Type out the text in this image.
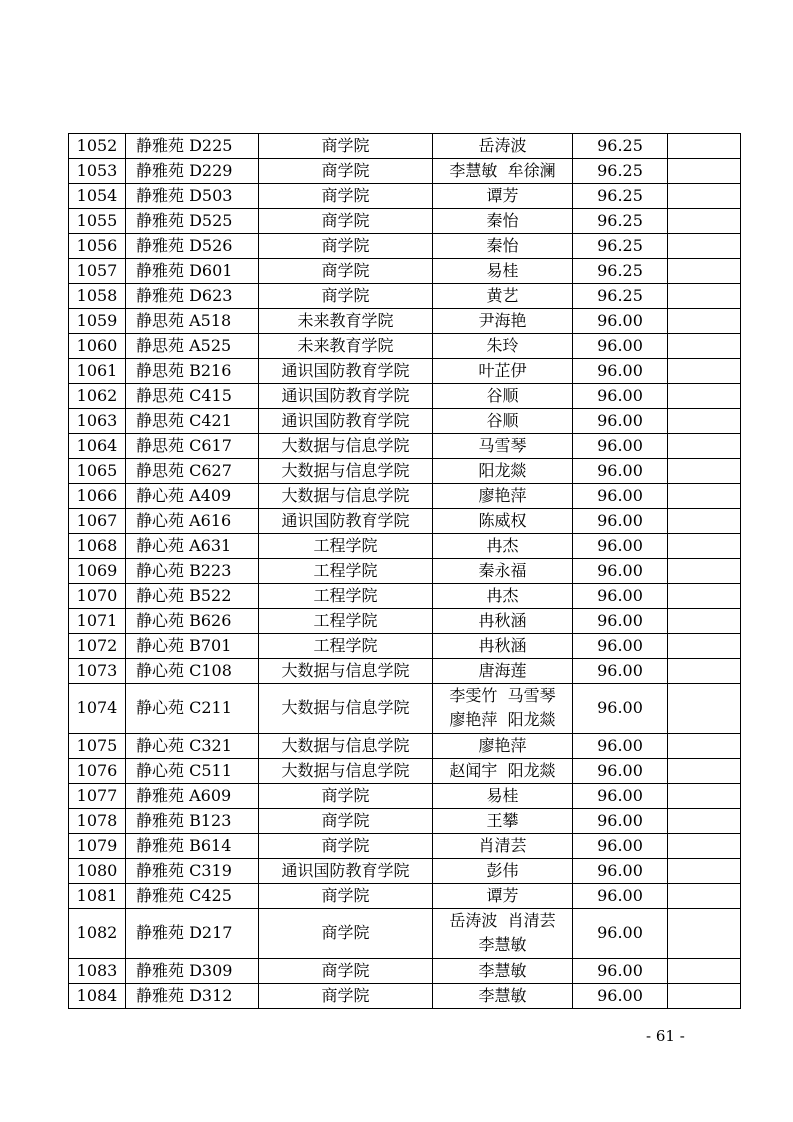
1052	静雅苑 D225	商学院	岳涛波	96.25	
1053	静雅苑 D229	商学院	李慧敏  牟徐澜	96.25	
1054	静雅苑 D503	商学院	谭芳	96.25	
1055	静雅苑 D525	商学院	秦怡	96.25	
1056	静雅苑 D526	商学院	秦怡	96.25	
1057	静雅苑 D601	商学院	易桂	96.25	
1058	静雅苑 D623	商学院	黄艺	96.25	
1059	静思苑 A518	未来教育学院	尹海艳	96.00	
1060	静思苑 A525	未来教育学院	朱玲	96.00	
1061	静思苑 B216	通识国防教育学院	叶芷伊	96.00	
1062	静思苑 C415	通识国防教育学院	谷顺	96.00	
1063	静思苑 C421	通识国防教育学院	谷顺	96.00	
1064	静思苑 C617	大数据与信息学院	马雪琴	96.00	
1065	静思苑 C627	大数据与信息学院	阳龙燚	96.00	
1066	静心苑 A409	大数据与信息学院	廖艳萍	96.00	
1067	静心苑 A616	通识国防教育学院	陈威权	96.00	
1068	静心苑 A631	工程学院	冉杰	96.00	
1069	静心苑 B223	工程学院	秦永福	96.00	
1070	静心苑 B522	工程学院	冉杰	96.00	
1071	静心苑 B626	工程学院	冉秋涵	96.00	
1072	静心苑 B701	工程学院	冉秋涵	96.00	
1073	静心苑 C108	大数据与信息学院	唐海莲	96.00	
1074	静心苑 C211	大数据与信息学院	李雯竹  马雪琴
廖艳萍  阳龙燚	96.00	
1075	静心苑 C321	大数据与信息学院	廖艳萍	96.00	
1076	静心苑 C511	大数据与信息学院	赵闻宇  阳龙燚	96.00	
1077	静雅苑 A609	商学院	易桂	96.00	
1078	静雅苑 B123	商学院	王攀	96.00	
1079	静雅苑 B614	商学院	肖清芸	96.00	
1080	静雅苑 C319	通识国防教育学院	彭伟	96.00	
1081	静雅苑 C425	商学院	谭芳	96.00	
1082	静雅苑 D217	商学院	岳涛波  肖清芸
李慧敏	96.00	
1083	静雅苑 D309	商学院	李慧敏	96.00	
1084	静雅苑 D312	商学院	李慧敏	96.00	
- 61 -
